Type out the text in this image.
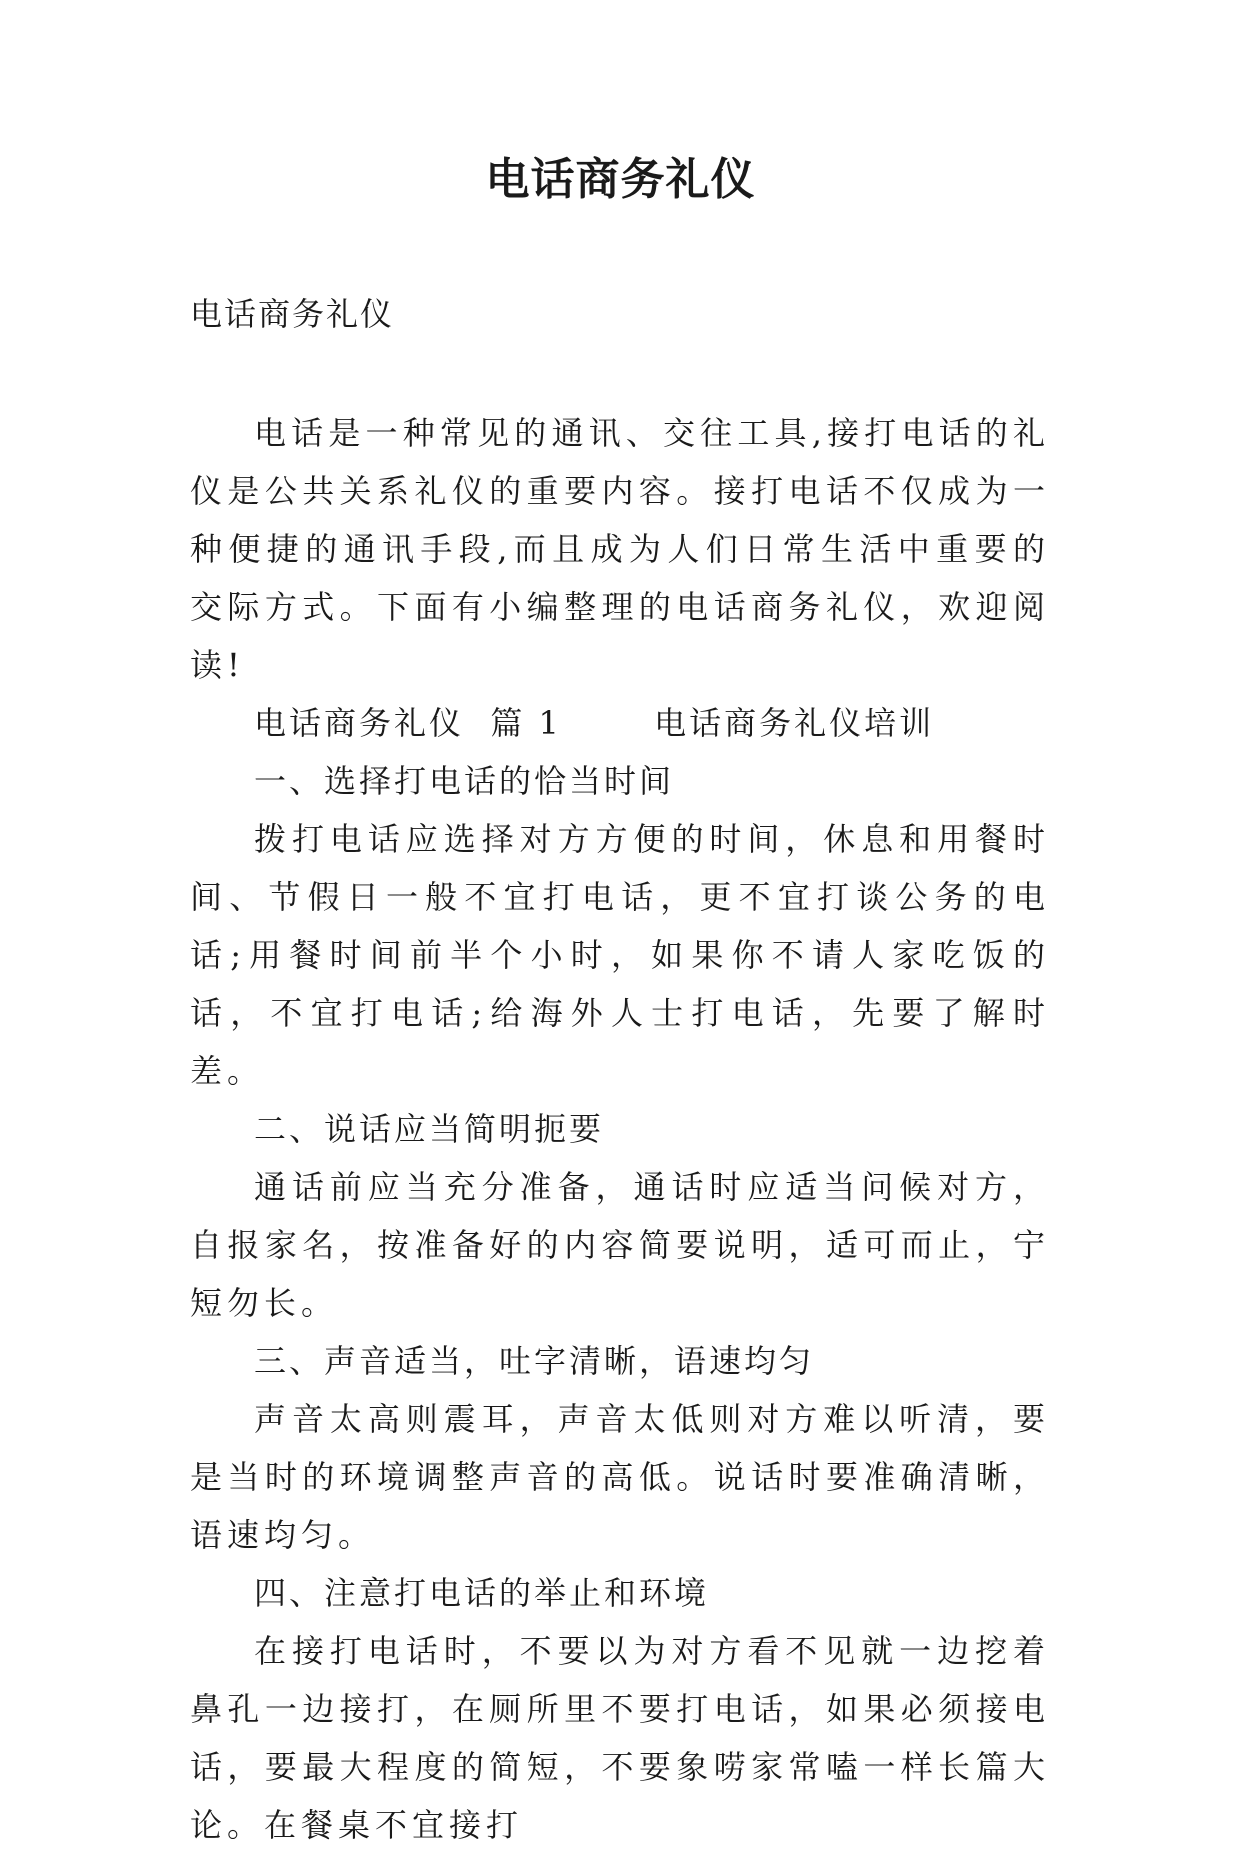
电话商务礼仪
电话商务礼仪

电话是一种常见的通讯、交往工具,接打电话的礼仪是公共关系礼仪的重要内容。接打电话不仅成为一种便捷的通讯手段,而且成为人们日常生活中重要的交际方式。下面有小编整理的电话商务礼仪，欢迎阅读!

电话商务礼仪  篇 1       电话商务礼仪培训

一、选择打电话的恰当时间

拨打电话应选择对方方便的时间，休息和用餐时间、节假日一般不宜打电话，更不宜打谈公务的电话;用餐时间前半个小时，如果你不请人家吃饭的话，不宜打电话;给海外人士打电话，先要了解时差。

二、说话应当简明扼要

通话前应当充分准备，通话时应适当问候对方，自报家名，按准备好的内容简要说明，适可而止，宁短勿长。

三、声音适当，吐字清晰，语速均匀

声音太高则震耳，声音太低则对方难以听清，要是当时的环境调整声音的高低。说话时要准确清晰，语速均匀。

四、注意打电话的举止和环境

在接打电话时，不要以为对方看不见就一边挖着鼻孔一边接打，在厕所里不要打电话，如果必须接电话，要最大程度的简短，不要象唠家常嗑一样长篇大论。在餐桌不宜接打
